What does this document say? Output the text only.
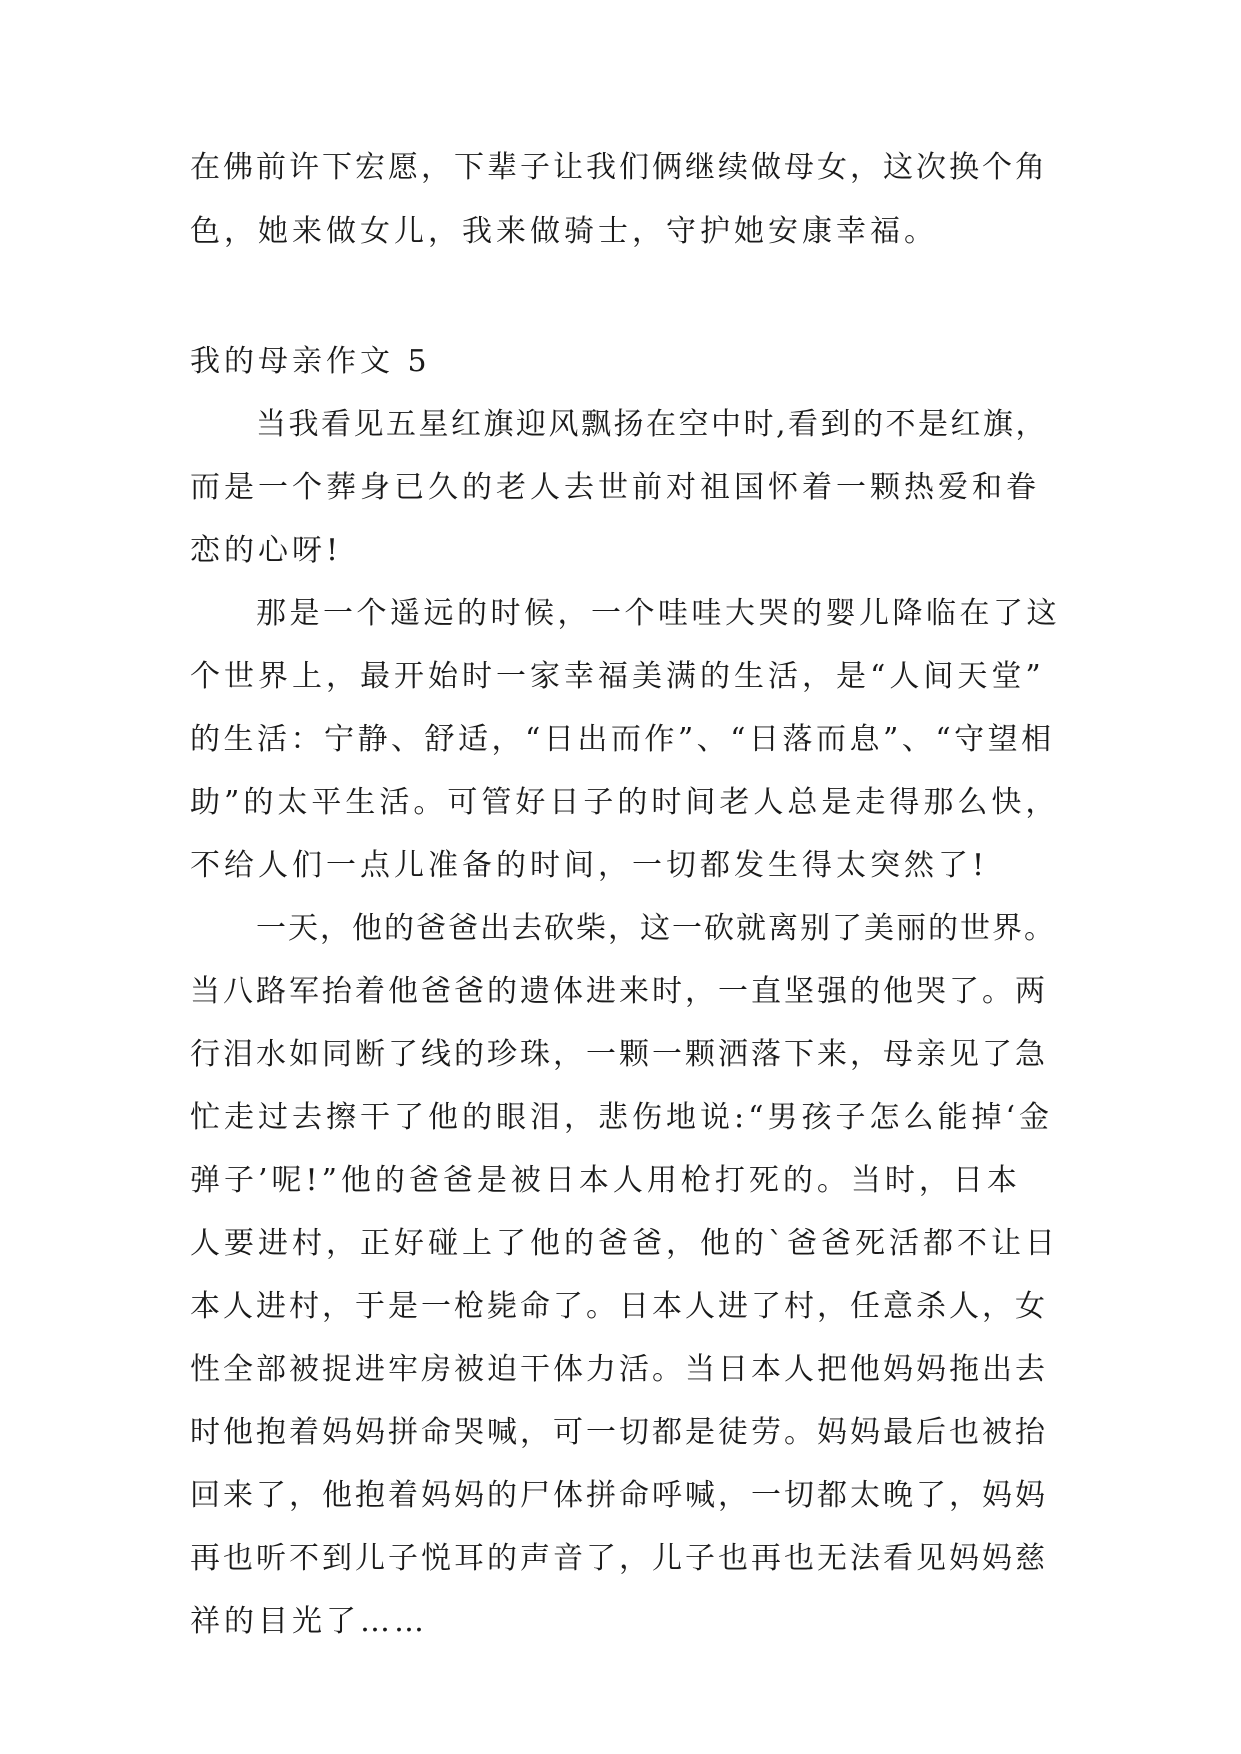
在佛前许下宏愿，下辈子让我们俩继续做母女，这次换个角
色，她来做女儿，我来做骑士，守护她安康幸福。
我的母亲作文 5
当我看见五星红旗迎风飘扬在空中时,看到的不是红旗，
而是一个葬身已久的老人去世前对祖国怀着一颗热爱和眷
恋的心呀!
那是一个遥远的时候，一个哇哇大哭的婴儿降临在了这
个世界上，最开始时一家幸福美满的生活，是“人间天堂”
的生活：宁静、舒适，“日出而作”、“日落而息”、“守望相
助”的太平生活。可管好日子的时间老人总是走得那么快，
不给人们一点儿准备的时间，一切都发生得太突然了!
一天，他的爸爸出去砍柴，这一砍就离别了美丽的世界。
当八路军抬着他爸爸的遗体进来时，一直坚强的他哭了。两
行泪水如同断了线的珍珠，一颗一颗洒落下来，母亲见了急
忙走过去擦干了他的眼泪，悲伤地说:“男孩子怎么能掉‘金
弹子’呢!”他的爸爸是被日本人用枪打死的。当时，日本
人要进村，正好碰上了他的爸爸，他的`爸爸死活都不让日
本人进村，于是一枪毙命了。日本人进了村，任意杀人，女
性全部被捉进牢房被迫干体力活。当日本人把他妈妈拖出去
时他抱着妈妈拼命哭喊，可一切都是徒劳。妈妈最后也被抬
回来了，他抱着妈妈的尸体拼命呼喊，一切都太晚了，妈妈
再也听不到儿子悦耳的声音了，儿子也再也无法看见妈妈慈
祥的目光了……
